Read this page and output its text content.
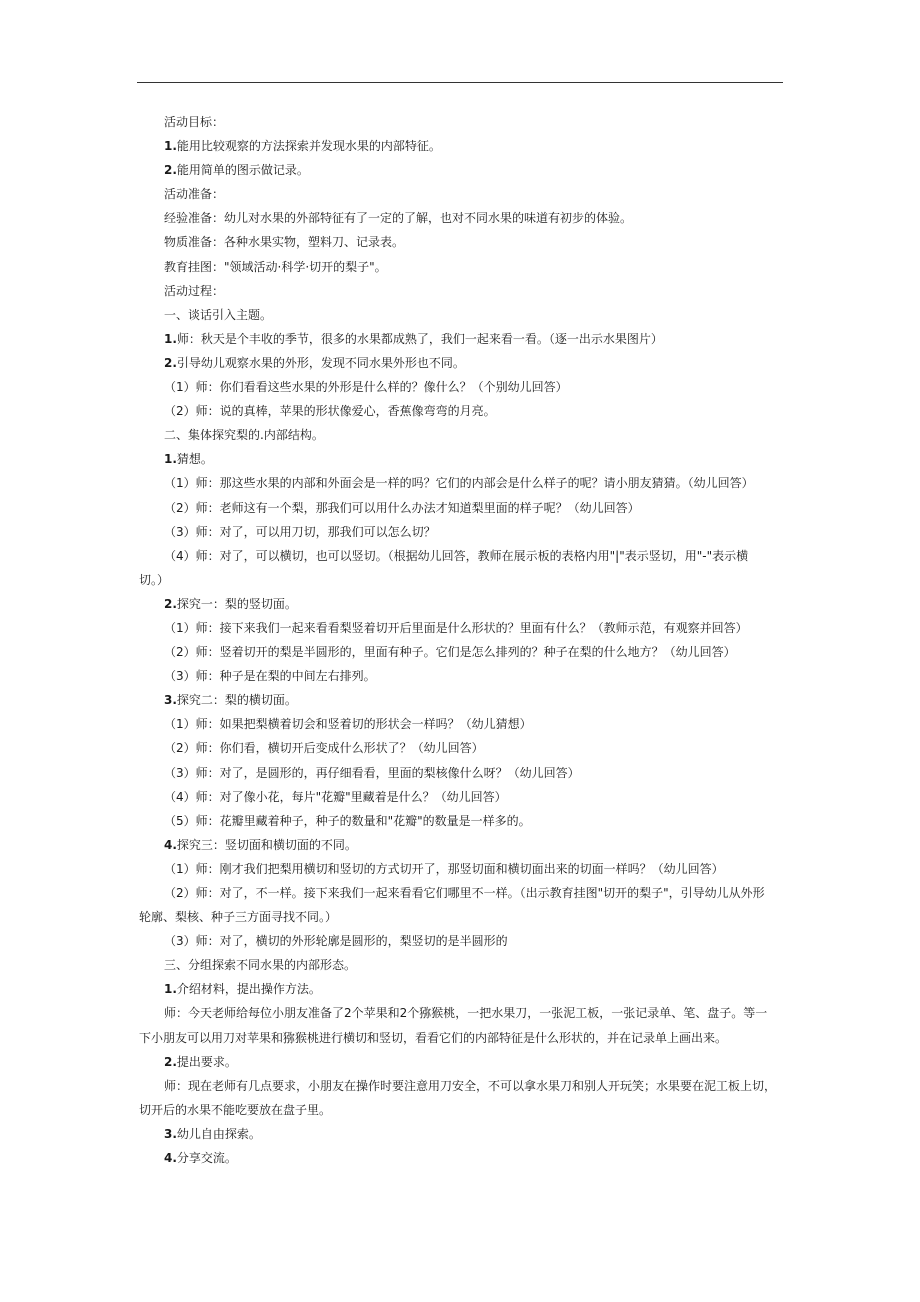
活动目标：
1.能用比较观察的方法探索并发现水果的内部特征。
2.能用简单的图示做记录。
活动准备：
经验准备：幼儿对水果的外部特征有了一定的了解，也对不同水果的味道有初步的体验。
物质准备：各种水果实物，塑料刀、记录表。
教育挂图："领域活动·科学·切开的梨子"。
活动过程：
一、谈话引入主题。
1.师：秋天是个丰收的季节，很多的水果都成熟了，我们一起来看一看。（逐一出示水果图片）
2.引导幼儿观察水果的外形，发现不同水果外形也不同。
（1）师：你们看看这些水果的外形是什么样的？像什么？（个别幼儿回答）
（2）师：说的真棒，苹果的形状像爱心，香蕉像弯弯的月亮。
二、集体探究梨的.内部结构。
1.猜想。
（1）师：那这些水果的内部和外面会是一样的吗？它们的内部会是什么样子的呢？请小朋友猜猜。（幼儿回答）
（2）师：老师这有一个梨，那我们可以用什么办法才知道梨里面的样子呢？（幼儿回答）
（3）师：对了，可以用刀切，那我们可以怎么切？
（4）师：对了，可以横切，也可以竖切。（根据幼儿回答，教师在展示板的表格内用"|"表示竖切，用"-"表示横
切。）
2.探究一：梨的竖切面。
（1）师：接下来我们一起来看看梨竖着切开后里面是什么形状的？里面有什么？（教师示范，有观察并回答）
（2）师：竖着切开的梨是半圆形的，里面有种子。它们是怎么排列的？种子在梨的什么地方？（幼儿回答）
（3）师：种子是在梨的中间左右排列。
3.探究二：梨的横切面。
（1）师：如果把梨横着切会和竖着切的形状会一样吗？（幼儿猜想）
（2）师：你们看，横切开后变成什么形状了？（幼儿回答）
（3）师：对了，是圆形的，再仔细看看，里面的梨核像什么呀？（幼儿回答）
（4）师：对了像小花，每片"花瓣"里藏着是什么？（幼儿回答）
（5）师：花瓣里藏着种子，种子的数量和"花瓣"的数量是一样多的。
4.探究三：竖切面和横切面的不同。
（1）师：刚才我们把梨用横切和竖切的方式切开了，那竖切面和横切面出来的切面一样吗？（幼儿回答）
（2）师：对了，不一样。接下来我们一起来看看它们哪里不一样。（出示教育挂图"切开的梨子"，引导幼儿从外形
轮廓、梨核、种子三方面寻找不同。）
（3）师：对了，横切的外形轮廓是圆形的，梨竖切的是半圆形的
三、分组探索不同水果的内部形态。
1.介绍材料，提出操作方法。
师：今天老师给每位小朋友准备了2个苹果和2个猕猴桃，一把水果刀，一张泥工板，一张记录单、笔、盘子。等一
下小朋友可以用刀对苹果和猕猴桃进行横切和竖切，看看它们的内部特征是什么形状的，并在记录单上画出来。
2.提出要求。
师：现在老师有几点要求，小朋友在操作时要注意用刀安全，不可以拿水果刀和别人开玩笑；水果要在泥工板上切，
切开后的水果不能吃要放在盘子里。
3.幼儿自由探索。
4.分享交流。
